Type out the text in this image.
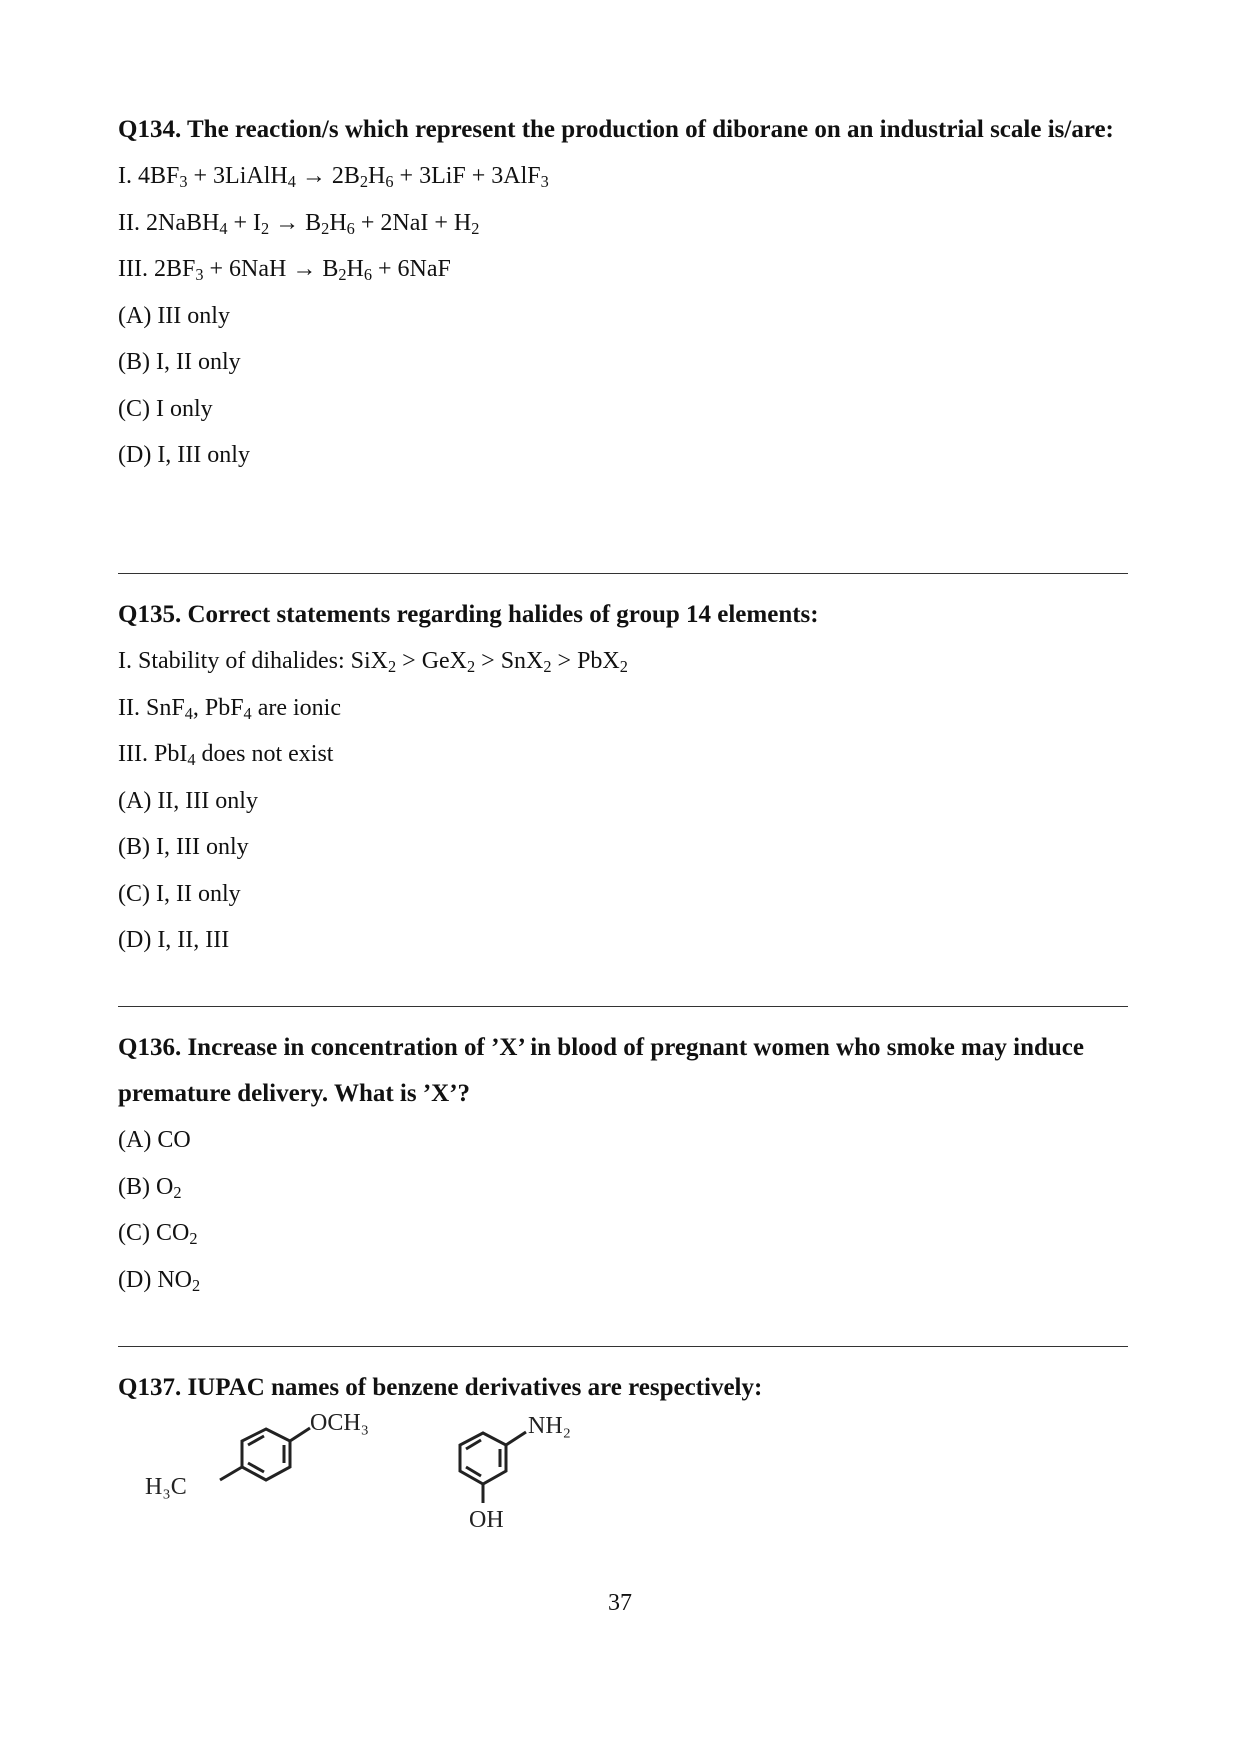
Q134. The reaction/s which represent the production of diborane on an industrial scale is/are:

I. $4BF_3$ + 3LiAlH$_4$ → $2B_2H_6 + 3LiF + 3AlF_3$

II. 2NaBH$_4$ + $I_2 \to B_2H_6 + 2NaI + H_2$

III. $2BF_3 + 6NaH \to B_2H_6 + 6NaF$

(A) III only

(B) I, II only

(C) I only

(D) I, III only

Q135. Correct statements regarding halides of group 14 elements:

I. Stability of dihalides: SiX$_2$ > GeX$_2$ > SnX$_2$ > PbX$_2$

II. SnF$_4$, PbF$_4$ are ionic

III. PbI$_4$ does not exist

(A) II, III only

(B) I, III only

(C) I, II only

(D) I, II, III

Q136. Increase in concentration of ’X’ in blood of pregnant women who smoke may induce premature delivery. What is ’X’?

(A) CO

(B) $O_2$

(C) $CO_2$

(D) $NO_2$

Q137. IUPAC names of benzene derivatives are respectively:

OCH₃
H₃C
NH₂
OH
37
